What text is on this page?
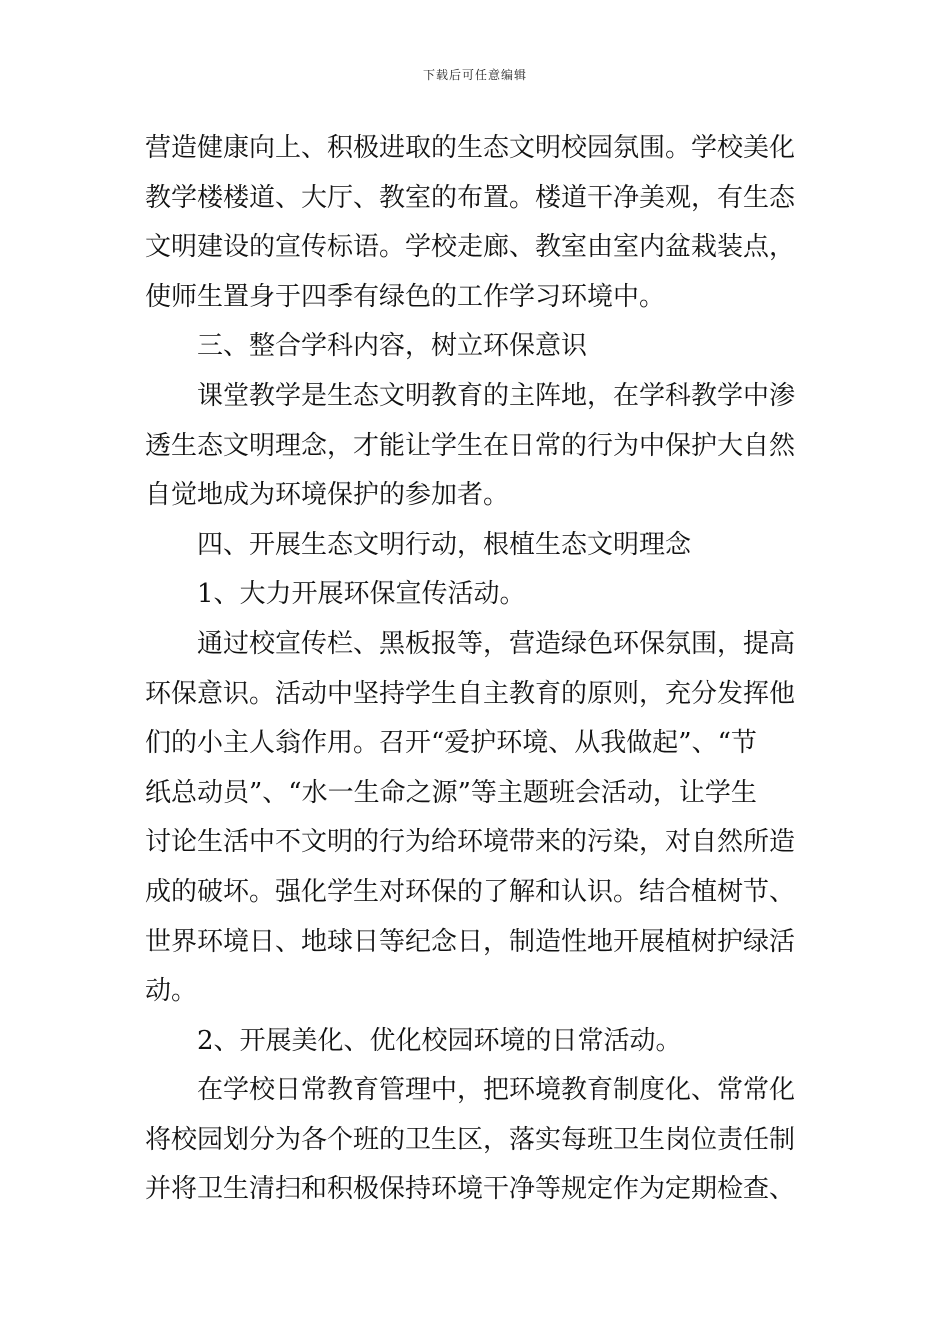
下载后可任意编辑
营造健康向上、积极进取的生态文明校园氛围。学校美化
教学楼楼道、大厅、教室的布置。楼道干净美观，有生态
文明建设的宣传标语。学校走廊、教室由室内盆栽装点，
使师生置身于四季有绿色的工作学习环境中。
三、整合学科内容，树立环保意识
课堂教学是生态文明教育的主阵地，在学科教学中渗
透生态文明理念，才能让学生在日常的行为中保护大自然
自觉地成为环境保护的参加者。
四、开展生态文明行动，根植生态文明理念
1、大力开展环保宣传活动。
通过校宣传栏、黑板报等，营造绿色环保氛围，提高
环保意识。活动中坚持学生自主教育的原则，充分发挥他
们的小主人翁作用。召开“爱护环境、从我做起”、“节
纸总动员”、“水一生命之源”等主题班会活动，让学生
讨论生活中不文明的行为给环境带来的污染，对自然所造
成的破坏。强化学生对环保的了解和认识。结合植树节、
世界环境日、地球日等纪念日，制造性地开展植树护绿活
动。
2、开展美化、优化校园环境的日常活动。
在学校日常教育管理中，把环境教育制度化、常常化
将校园划分为各个班的卫生区，落实每班卫生岗位责任制
并将卫生清扫和积极保持环境干净等规定作为定期检查、
